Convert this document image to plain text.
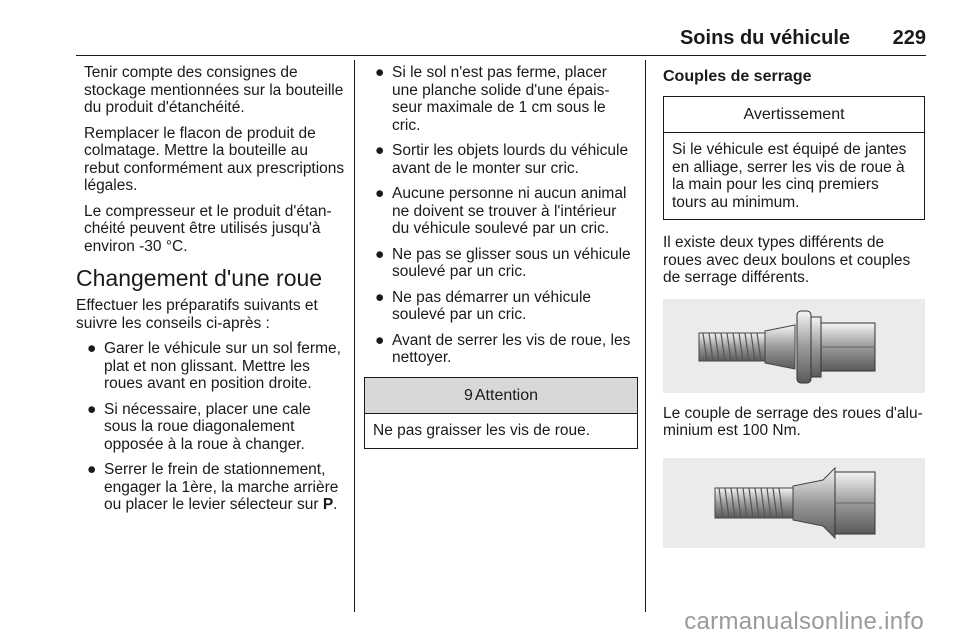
Soins du véhicule 229

Tenir compte des consignes de stockage mentionnées sur la bouteille du produit d'étanchéité.

Remplacer le flacon de produit de colmatage. Mettre la bouteille au rebut conformément aux prescriptions légales.

Le compresseur et le produit d'étanchéité peuvent être utilisés jusqu'à environ -30 °C.

Changement d'une roue

Effectuer les préparatifs suivants et suivre les conseils ci-après :

● Garer le véhicule sur un sol ferme, plat et non glissant. Mettre les roues avant en position droite.
● Si nécessaire, placer une cale sous la roue diagonalement opposée à la roue à changer.
● Serrer le frein de stationnement, engager la 1ère, la marche arrière ou placer le levier sélecteur sur P.
● Si le sol n'est pas ferme, placer une planche solide d'une épaisseur maximale de 1 cm sous le cric.
● Sortir les objets lourds du véhicule avant de le monter sur cric.
● Aucune personne ni aucun animal ne doivent se trouver à l'intérieur du véhicule soulevé par un cric.
● Ne pas se glisser sous un véhicule soulevé par un cric.
● Ne pas démarrer un véhicule soulevé par un cric.
● Avant de serrer les vis de roue, les nettoyer.
9 Attention
Ne pas graisser les vis de roue.
Couples de serrage
Avertissement
Si le véhicule est équipé de jantes en alliage, serrer les vis de roue à la main pour les cinq premiers tours au minimum.

Il existe deux types différents de roues avec deux boulons et couples de serrage différents.

Le couple de serrage des roues d'aluminium est 100 Nm.

carmanualsonline.info
